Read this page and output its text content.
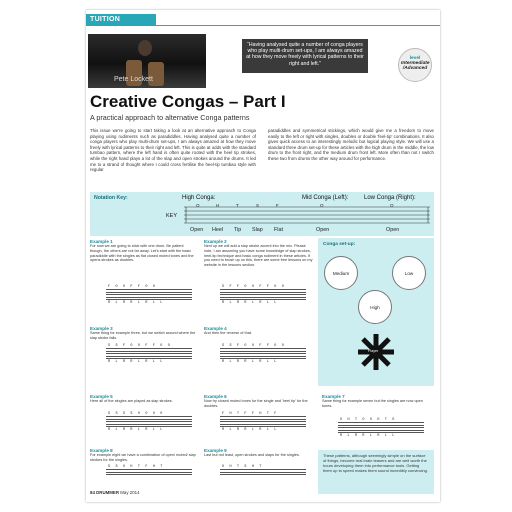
TUITION
Pete Lockett
“Having analysed quite a number of conga players who play multi-drum set-ups, I am always amazed at how they move freely with lyrical patterns to their right and left.”
level
Intermediate /Advanced
Creative Congas – Part I
A practical approach to alternative Conga patterns
This issue we're going to start taking a look at an alternative approach to Conga playing using rudiments such as paradiddles. Having analysed quite a number of conga players who play multi-drum set-ups, I am always amazed at how they move freely with lyrical patterns to their right and left. This is quite at odds with the standard tumbao pattern, where the left hand is often quite rooted with the heel tip strokes, while the right hand plays a lot of the slap and open strokes around the drums. It led me to a strand of thought where I could cross fertilise the heel-tip tumbao style with regular
paradiddles and symmetrical stickings, which would give me a freedom to move easily to the left or right with singles, doubles or double 'feel-tip' combinations. It also gives quick access to an interestingly melodic but logical playing style. We will use a standard three drum set-up for these articles with the high drum in the middle, the low drum to the front right, and the medium drum front left. More often than not I switch these two from drums the other way around for performance.
Notation Key:	High Conga:	Mid Conga (Left):	Low Conga (Right):
KEY
O	H	T	S	F	O	O
Open Heel Tip Slap Flat	Open	Open
Example 1
For now we are going to stick with one drum. Be patient though, the others are not far away. Let's start with the basic paradiddle with the singles as flat closed muted tones and the opens strokes as doubles.
F O O F F O O
R L R R L R L L
Example 2
Next up we will add a slap stroke accent into the mix. Please note, I am assuming you have some knowledge of slap strokes, heel-tip technique and basic conga rudiment in these articles. If you need to brush up on this, there are some free lessons on my website in the lessons section.
S F F O O F F O O
R L R R L R L L
Example 3
Same thing for example three, but we switch around where the slap stroke falls.
S S F O O F F O O
R L R R L R L L
Example 4
And then the reverse of that.
S S F O O F F O O
R L R R L R L L
Conga set-up:
Medium	Low
High
Player
Example 5
Here all of the singles are played as slap strokes.
S S S S O O O O
R L R R L R L L
Example 6
Now try closed muted tones for the single and 'heel tip' for the doubles.
F H T F F H T F
R L R R L R L L
Example 7
Same thing for example seven but the singles are now open tones.
O H T O O H T O
R L R R L R L L
Example 8
For example eight we have a combination of open/ muted/ slap strokes for the singles.
S S O H T F H T
Example 9
Last but not least, open strokes and slaps for the singles.
O H T S H T
These patterns, although seemingly simple on the surface of things, become real brain teasers and are well worth the hours developing them into performance tools. Getting them up to speed makes them sound incredibly convincing.
84 DRUMMER May 2014
